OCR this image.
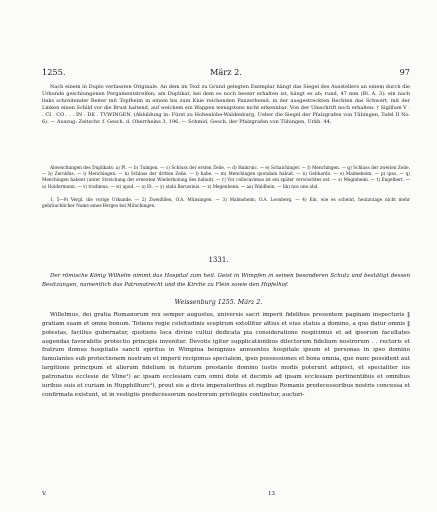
1255.	März 2.	97

Nach einem in Duplo verfassten Originale. An dem im Text zu Grund gelegten Exemplar hängt das Siegel des Ausstellers an einem durch die Urkunde geschlungenen Pergamentstreifen; am Duplikat, bei dem es noch besser erhalten ist, hängt es ab; rund, 47 mm (Bl. A. 3): ein nach links schreitender Reiter mit Topfhelm in einem bis zum Knie reichenden Panzerhemd, in der ausgestreckten Rechten das Schwert, mit der Linken einen Schild vor die Brust haltend, auf welchem ein Wappen wenigstens nicht erkennbar. Von der Umschrift noch erhalten: † Sigillum V . . CI . CO . . . IN . DE . TVWINGEN. (Abbildung in: Fürst zu Hohenlohe-Waldenburg, Ueber die Siegel der Pfalzgrafen von Tübingen, Tafel II No. 6). — Auszug: Zeitschr. f. Gesch. d. Oberrheins 3, 196. — Schmid, Gesch. der Pfalzgrafen von Tübingen, Urkb. 44.

Abweichungen des Duplikats: a) Pl. — b) Tuingen. — c) Schluss der ersten Zeile. — d) Hainruic. — e) Schaichinger. — f) Menchingen. — g) Schluss der zweiten Zeile. — h) Zeroldus. — i) Menchingen. — k) Schluss der dritten Zeile. — l) habe. — m) Menchingen quondam habuit. — n) Gebhardo. — o) Malmeheim. — p) ipso. — q) Menchingen habent (unter Streichung der erneuten Wiederholung des habuit). — r) Vor collocavimus ist ein später verwischtes est. — s) Meginheim. — t) Engelbert. — u) Holdermann. — v) tradimus. — w) apud. — x) Et. — y) stabi Baruwinis. — z) Megenheim. — aa) Waldhein. — bb) nos une abd.

1, 5—9) Vergl. die vorige Urkunde. — 2) Zweidlilen, O.A. Münsingen. — 3) Malmsheim, O.A. Leonberg. — 4) Ein, wie es scheint, heutzutage nicht mehr gebräuchlicher Name eines Berges bei Münchingen.

1331.

Der römische König Wilhelm nimmt das Hospital zum heil. Geist in Wimpfen in seinen besonderen Schutz und bestätigt dessen Besitzungen, namentlich das Patronatrecht und die Kirche zu Flein sowie den Hipfelhof.

Weissenburg 1255. März 2.

Willelmus, dei gratia Romanorum rex semper augustus, universis sacri imperii fidelibus presentem paginam inspecturis ‖ gratiam suam et omne bonum. Totiens regie celsitudinis sceptrum extollitur altius et eius status a domino, a quo datur omnis ‖ potestas, facilius gubernatur, quotiens loca divino cultui dedicata pia consideratione respicimus et ad ipsorum facultates augendas favorabilis protectio principis invenitur. Devotis igitur supplicationibus dilectorum fidelium nostrorum . . rectoris et fratrum domus hospitalis sancti spiritus in Wimpina benignius annuentes hospitale ipsum et personas in ipso domino famulantes sub protectionem nostram et imperii recipimus specialem, ipsis possessiones et bona omnia, que nunc possident aut largitione principum et aliorum fidelium in futurum prestante domino iustis modis poterunt adipisci, et specialiter ius patronatus ecclesie de Vline¹) ac ipsam ecclesiam cum omni dote et decimis ad ipsam ecclesiam pertinentibus et omnibus iuribus suis et curiam in Hupphilhurc²), prout eis a divis imperatoribus et regibus Romanis predecessoribus nostris concessa et confirmata existunt, ut in vestigiis predecessorum nostrorum privilegiis continetur, auctori-

V.	13
